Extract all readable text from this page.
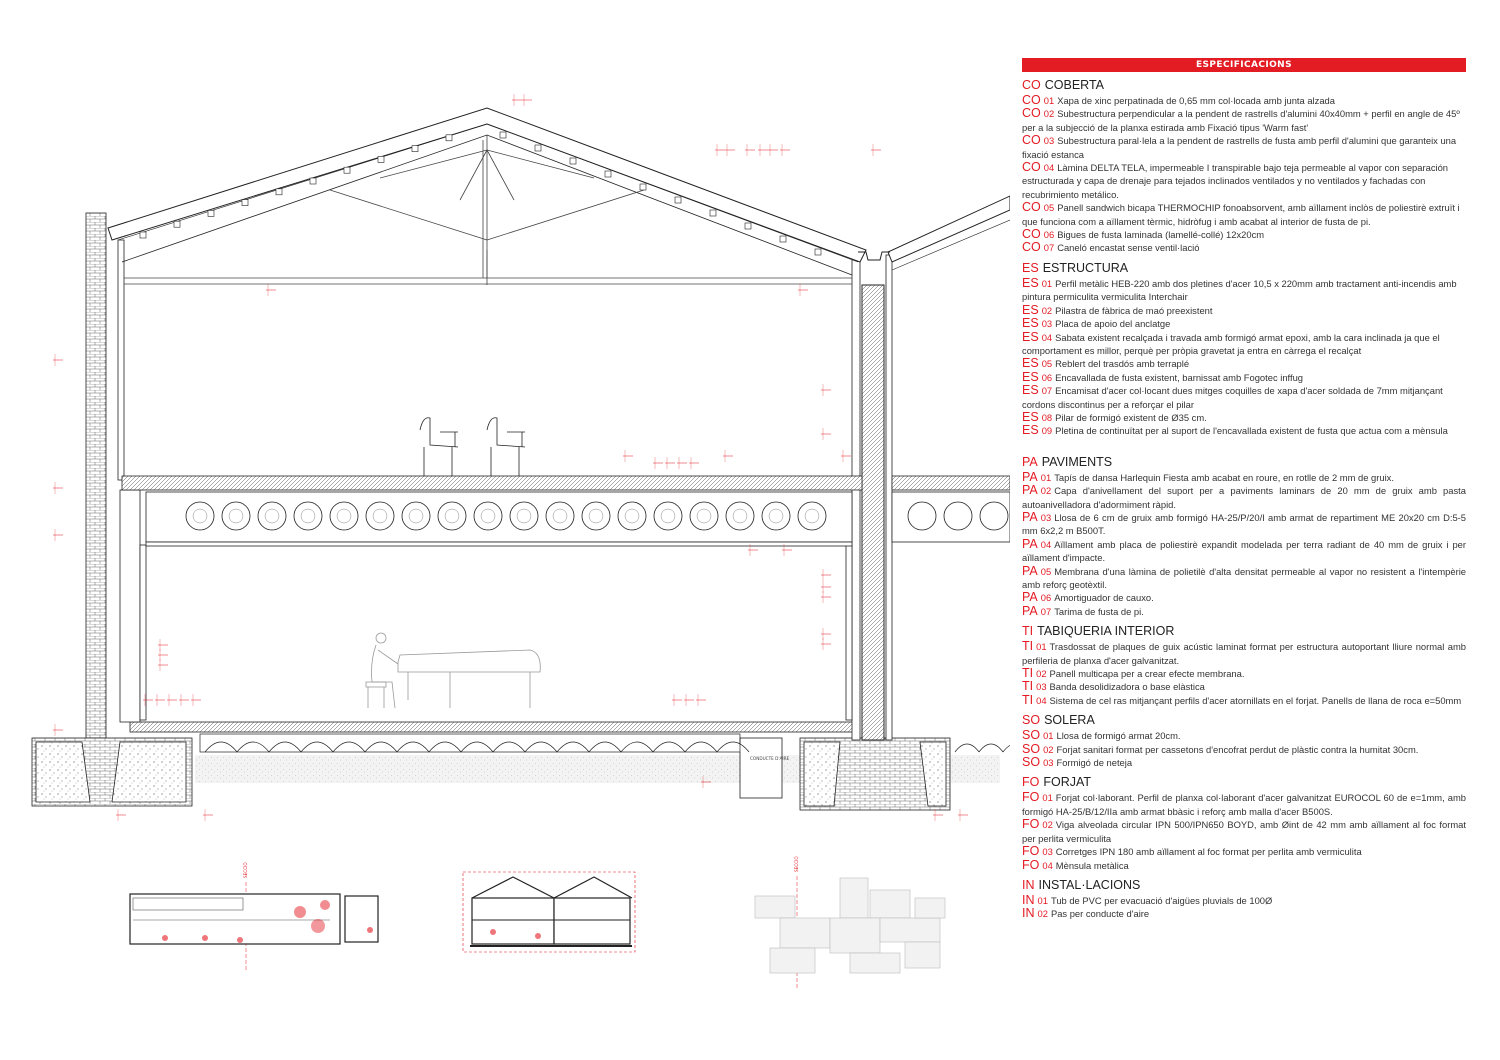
CONDUCTE D'AIRE
SECCIÓ	SECCIÓ
ESPECIFICACIONS
CO COBERTA
CO 01 Xapa de xinc perpatinada de 0,65 mm col·locada amb junta alzada
CO 02 Subestructura perpendicular a la pendent de rastrells d'alumini 40x40mm + perfil en angle de 45º per a la subjecció de la planxa estirada amb Fixació tipus 'Warm fast'
CO 03 Subestructura paral·lela a la pendent de rastrells de fusta amb perfil d'alumini que garanteix una fixació estanca
CO 04 Làmina DELTA TELA, impermeable I transpirable bajo teja permeable al vapor con separación estructurada y capa de drenaje para tejados inclinados ventilados y no ventilados y fachadas con recubrimiento metálico.
CO 05 Panell sandwich bicapa THERMOCHIP fonoabsorvent, amb aïllament inclòs de poliestirè extruït i que funciona com a aïllament tèrmic, hidròfug i amb acabat al interior de fusta de pi.
CO 06 Bigues de fusta laminada (lamellé-collé) 12x20cm
CO 07 Caneló encastat sense ventil·lació
ES ESTRUCTURA
ES 01 Perfil metàlic HEB-220 amb dos pletines d'acer 10,5 x 220mm amb tractament anti-incendis amb pintura permiculita vermiculita Interchair
ES 02 Pilastra de fàbrica de maó preexistent
ES 03 Placa de apoio del anclatge
ES 04 Sabata existent recalçada i travada amb formigó armat epoxi, amb la cara inclinada ja que el comportament es millor, perquè per pròpia gravetat ja entra en càrrega el recalçat
ES 05 Reblert del trasdós amb terraplé
ES 06 Encavallada de fusta existent, barnissat amb Fogotec inffug
ES 07 Encamisat d'acer col·locant dues mitges coquilles de xapa d'acer soldada de 7mm mitjançant cordons discontinus per a reforçar el pilar
ES 08 Pilar de formigó existent de Ø35 cm.
ES 09 Pletina de continuïtat per al suport de l'encavallada existent de fusta que actua com a mènsula
PA PAVIMENTS
PA 01 Tapís de dansa Harlequin Fiesta amb acabat en roure, en rotlle de 2 mm de gruix.
PA 02 Capa d'anivellament del suport per a paviments laminars de 20 mm de gruix amb pasta autoanivelladora d'adormiment ràpid.
PA 03 Llosa de 6 cm de gruix amb formigó HA-25/P/20/I amb armat de repartiment ME 20x20 cm D:5-5 mm 6x2,2 m B500T.
PA 04 Aïllament amb placa de poliestirè expandit modelada per terra radiant de 40 mm de gruix i per aïllament d'impacte.
PA 05 Membrana d'una làmina de polietilè d'alta densitat permeable al vapor no resistent a l'intempèrie amb reforç geotèxtil.
PA 06 Amortiguador de cauxo.
PA 07 Tarima de fusta de pi.
TI TABIQUERIA INTERIOR
TI 01 Trasdossat de plaques de guix acústic laminat format per estructura autoportant lliure normal amb perfileria de planxa d'acer galvanitzat.
TI 02 Panell multicapa per a crear efecte membrana.
TI 03 Banda desolidizadora o base elàstica
TI 04 Sistema de cel ras mitjançant perfils d'acer atornillats en el forjat. Panells de llana de roca e=50mm
SO SOLERA
SO 01 Llosa de formigó armat 20cm.
SO 02 Forjat sanitari format per cassetons d'encofrat perdut de plàstic contra la humitat 30cm.
SO 03 Formigó de neteja
FO FORJAT
FO 01 Forjat col·laborant. Perfil de planxa col·laborant d'acer galvanitzat EUROCOL 60 de e=1mm, amb formigó HA-25/B/12/IIa amb armat bbàsic i reforç amb malla d'acer B500S.
FO 02 Viga alveolada circular IPN 500/IPN650 BOYD, amb Øint de 42 mm amb aïllament al foc format per perlita vermiculita
FO 03 Corretges IPN 180 amb aïllament al foc format per perlita amb vermiculita
FO 04 Mènsula metàlica
IN INSTAL·LACIONS
IN 01 Tub de PVC per evacuació d'aigües pluvials de 100Ø
IN 02 Pas per conducte d'aire
